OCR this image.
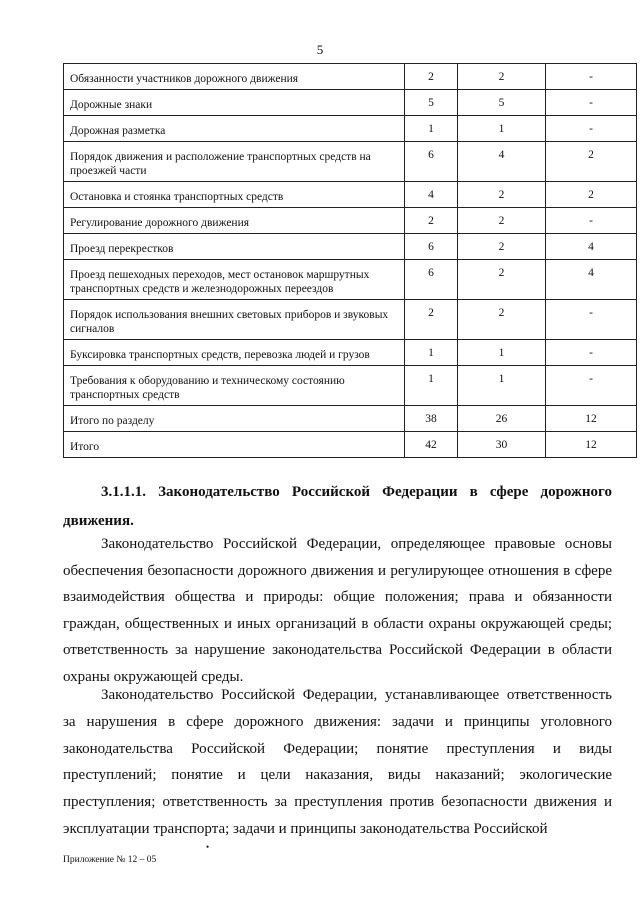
5
Обязанности участников дорожного движения	2	2	-
Дорожные знаки	5	5	-
Дорожная разметка	1	1	-
Порядок движения и расположение транспортных средств на проезжей части	6	4	2
Остановка и стоянка транспортных средств	4	2	2
Регулирование дорожного движения	2	2	-
Проезд перекрестков	6	2	4
Проезд пешеходных переходов, мест остановок маршрутных транспортных средств и железнодорожных переездов	6	2	4
Порядок использования внешних световых приборов и звуковых сигналов	2	2	-
Буксировка транспортных средств, перевозка людей и грузов	1	1	-
Требования к оборудованию и техническому состоянию транспортных средств	1	1	-
Итого по разделу	38	26	12
Итого	42	30	12

3.1.1.1. Законодательство Российской Федерации в сфере дорожного движения.

Законодательство Российской Федерации, определяющее правовые основы обеспечения безопасности дорожного движения и регулирующее отношения в сфере взаимодействия общества и природы: общие положения; права и обязанности граждан, общественных и иных организаций в области охраны окружающей среды; ответственность за нарушение законодательства Российской Федерации в области охраны окружающей среды.

Законодательство Российской Федерации, устанавливающее ответственность за нарушения в сфере дорожного движения: задачи и принципы уголовного законодательства Российской Федерации; понятие преступления и виды преступлений; понятие и цели наказания, виды наказаний; экологические преступления; ответственность за преступления против безопасности движения и эксплуатации транспорта; задачи и принципы законодательства Российской

•
Приложение № 12 – 05
